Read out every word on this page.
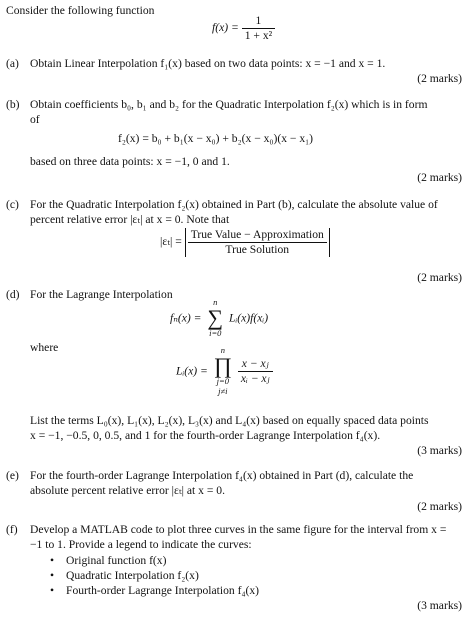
Consider the following function
$f(x) = \frac{1}{\text{1 + x²}}$
(a) Obtain Linear Interpolation f₁(x) based on two data points: x = −1 and x = 1.
(2 marks)
(b) Obtain coefficients b₀, b₁ and b₂ for the Quadratic Interpolation f₂(x) which is in form
of
f₂(x) = b₀ + b₁(x − x₀) + b₂(x − x₀)(x − x₁)
based on three data points: x = −1, 0 and 1.
(2 marks)
(c) For the Quadratic Interpolation f₂(x) obtained in Part (b), calculate the absolute value of
percent relative error |εₜ| at x = 0. Note that
$|\varepsilon_t| = \frac{\text{True Value − Approximation}}{\text{True Solution}}$
(2 marks)
(d) For the Lagrange Interpolation
fₙ(x) =
n
∑
i=0
Lᵢ(x)f(xᵢ)
where
Lᵢ(x) =
n
∏
j=0
j≠i

$\frac{\text{x − xⱼ}}{\text{xᵢ − xⱼ}}$
List the terms L₀(x), L₁(x), L₂(x), L₃(x) and L₄(x) based on equally spaced data points
x = −1, −0.5, 0, 0.5, and 1 for the fourth-order Lagrange Interpolation f₄(x).
(3 marks)
(e) For the fourth-order Lagrange Interpolation f₄(x) obtained in Part (d), calculate the
absolute percent relative error |εₜ| at x = 0.
(2 marks)
(f) Develop a MATLAB code to plot three curves in the same figure for the interval from x =
−1 to 1. Provide a legend to indicate the curves:
• Original function f(x)
• Quadratic Interpolation f₂(x)
• Fourth-order Lagrange Interpolation f₄(x)
(3 marks)
